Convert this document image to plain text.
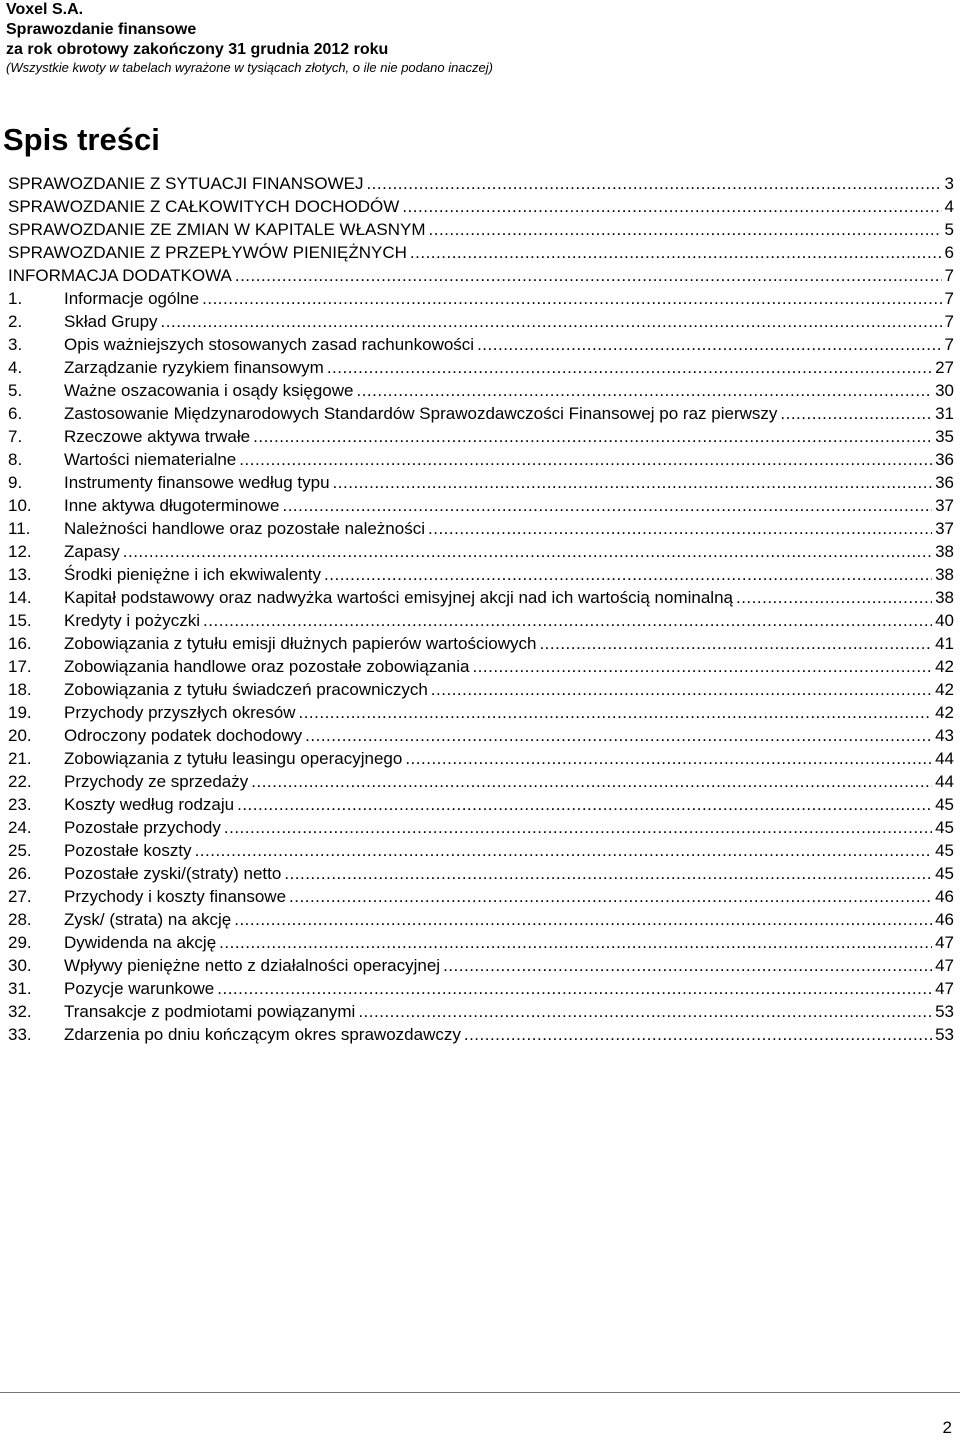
Voxel S.A.
Sprawozdanie finansowe
za rok obrotowy zakończony 31 grudnia 2012 roku
(Wszystkie kwoty w tabelach wyrażone w tysiącach złotych, o ile nie podano inaczej)
Spis treści
SPRAWOZDANIE Z SYTUACJI FINANSOWEJ .....	3
SPRAWOZDANIE Z CAŁKOWITYCH DOCHODÓW .....	4
SPRAWOZDANIE ZE ZMIAN W KAPITALE WŁASNYM .....	5
SPRAWOZDANIE Z PRZEPŁYWÓW PIENIĘŻNYCH .....	6
INFORMACJA DODATKOWA .....	7
1.	Informacje ogólne .....	7
2.	Skład Grupy .....	7
3.	Opis ważniejszych stosowanych zasad rachunkowości .....	7
4.	Zarządzanie ryzykiem finansowym .....	27
5.	Ważne oszacowania i osądy księgowe .....	30
6.	Zastosowanie Międzynarodowych Standardów Sprawozdawczości Finansowej po raz pierwszy .....	31
7.	Rzeczowe aktywa trwałe .....	35
8.	Wartości niematerialne .....	36
9.	Instrumenty finansowe według typu .....	36
10.	Inne aktywa długoterminowe .....	37
11.	Należności handlowe oraz pozostałe należności .....	37
12.	Zapasy .....	38
13.	Środki pieniężne i ich ekwiwalenty .....	38
14.	Kapitał podstawowy oraz nadwyżka wartości emisyjnej akcji nad ich wartością nominalną .....	38
15.	Kredyty i pożyczki .....	40
16.	Zobowiązania z tytułu emisji dłużnych papierów wartościowych .....	41
17.	Zobowiązania handlowe oraz pozostałe zobowiązania .....	42
18.	Zobowiązania z tytułu świadczeń pracowniczych .....	42
19.	Przychody przyszłych okresów .....	42
20.	Odroczony podatek dochodowy .....	43
21.	Zobowiązania z tytułu leasingu operacyjnego .....	44
22.	Przychody ze sprzedaży .....	44
23.	Koszty według rodzaju .....	45
24.	Pozostałe przychody .....	45
25.	Pozostałe koszty .....	45
26.	Pozostałe zyski/(straty) netto .....	45
27.	Przychody i koszty finansowe .....	46
28.	Zysk/ (strata) na akcję .....	46
29.	Dywidenda na akcję .....	47
30.	Wpływy pieniężne netto z działalności operacyjnej .....	47
31.	Pozycje warunkowe .....	47
32.	Transakcje z podmiotami powiązanymi .....	53
33.	Zdarzenia po dniu kończącym okres sprawozdawczy .....	53
2
